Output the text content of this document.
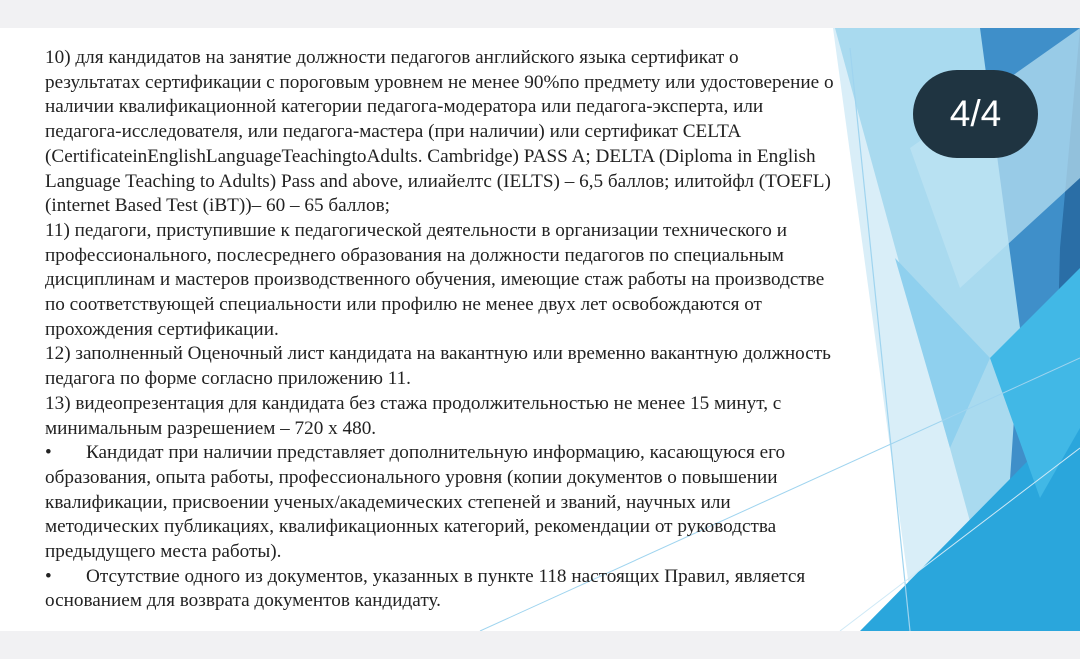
10) для кандидатов на занятие должности педагогов английского языка сертификат о результатах сертификации с пороговым уровнем не менее 90%по предмету или удостоверение о наличии квалификационной категории педагога-модератора или педагога-эксперта, или педагога-исследователя, или педагога-мастера (при наличии) или сертификат CELTA (CertificateinEnglishLanguageTeachingtoAdults. Cambridge) PASS A; DELTA (Diploma in English Language Teaching to Adults) Pass and above, илиайелтс (IELTS) – 6,5 баллов; илитойфл (TOEFL) (internet Based Test (iBT))– 60 – 65 баллов;

11) педагоги, приступившие к педагогической деятельности в организации технического и профессионального, послесреднего образования на должности педагогов по специальным дисциплинам и мастеров производственного обучения, имеющие стаж работы на производстве по соответствующей специальности или профилю не менее двух лет освобождаются от прохождения сертификации.

12) заполненный Оценочный лист кандидата на вакантную или временно вакантную должность педагога по форме согласно приложению 11.

13) видеопрезентация для кандидата без стажа продолжительностью не менее 15 минут, с минимальным разрешением – 720 x 480.

• Кандидат при наличии представляет дополнительную информацию, касающуюся его образования, опыта работы, профессионального уровня (копии документов о повышении квалификации, присвоении ученых/академических степеней и званий, научных или методических публикациях, квалификационных категорий, рекомендации от руководства предыдущего места работы).

• Отсутствие одного из документов, указанных в пункте 118 настоящих Правил, является основанием для возврата документов кандидату.

4/4
